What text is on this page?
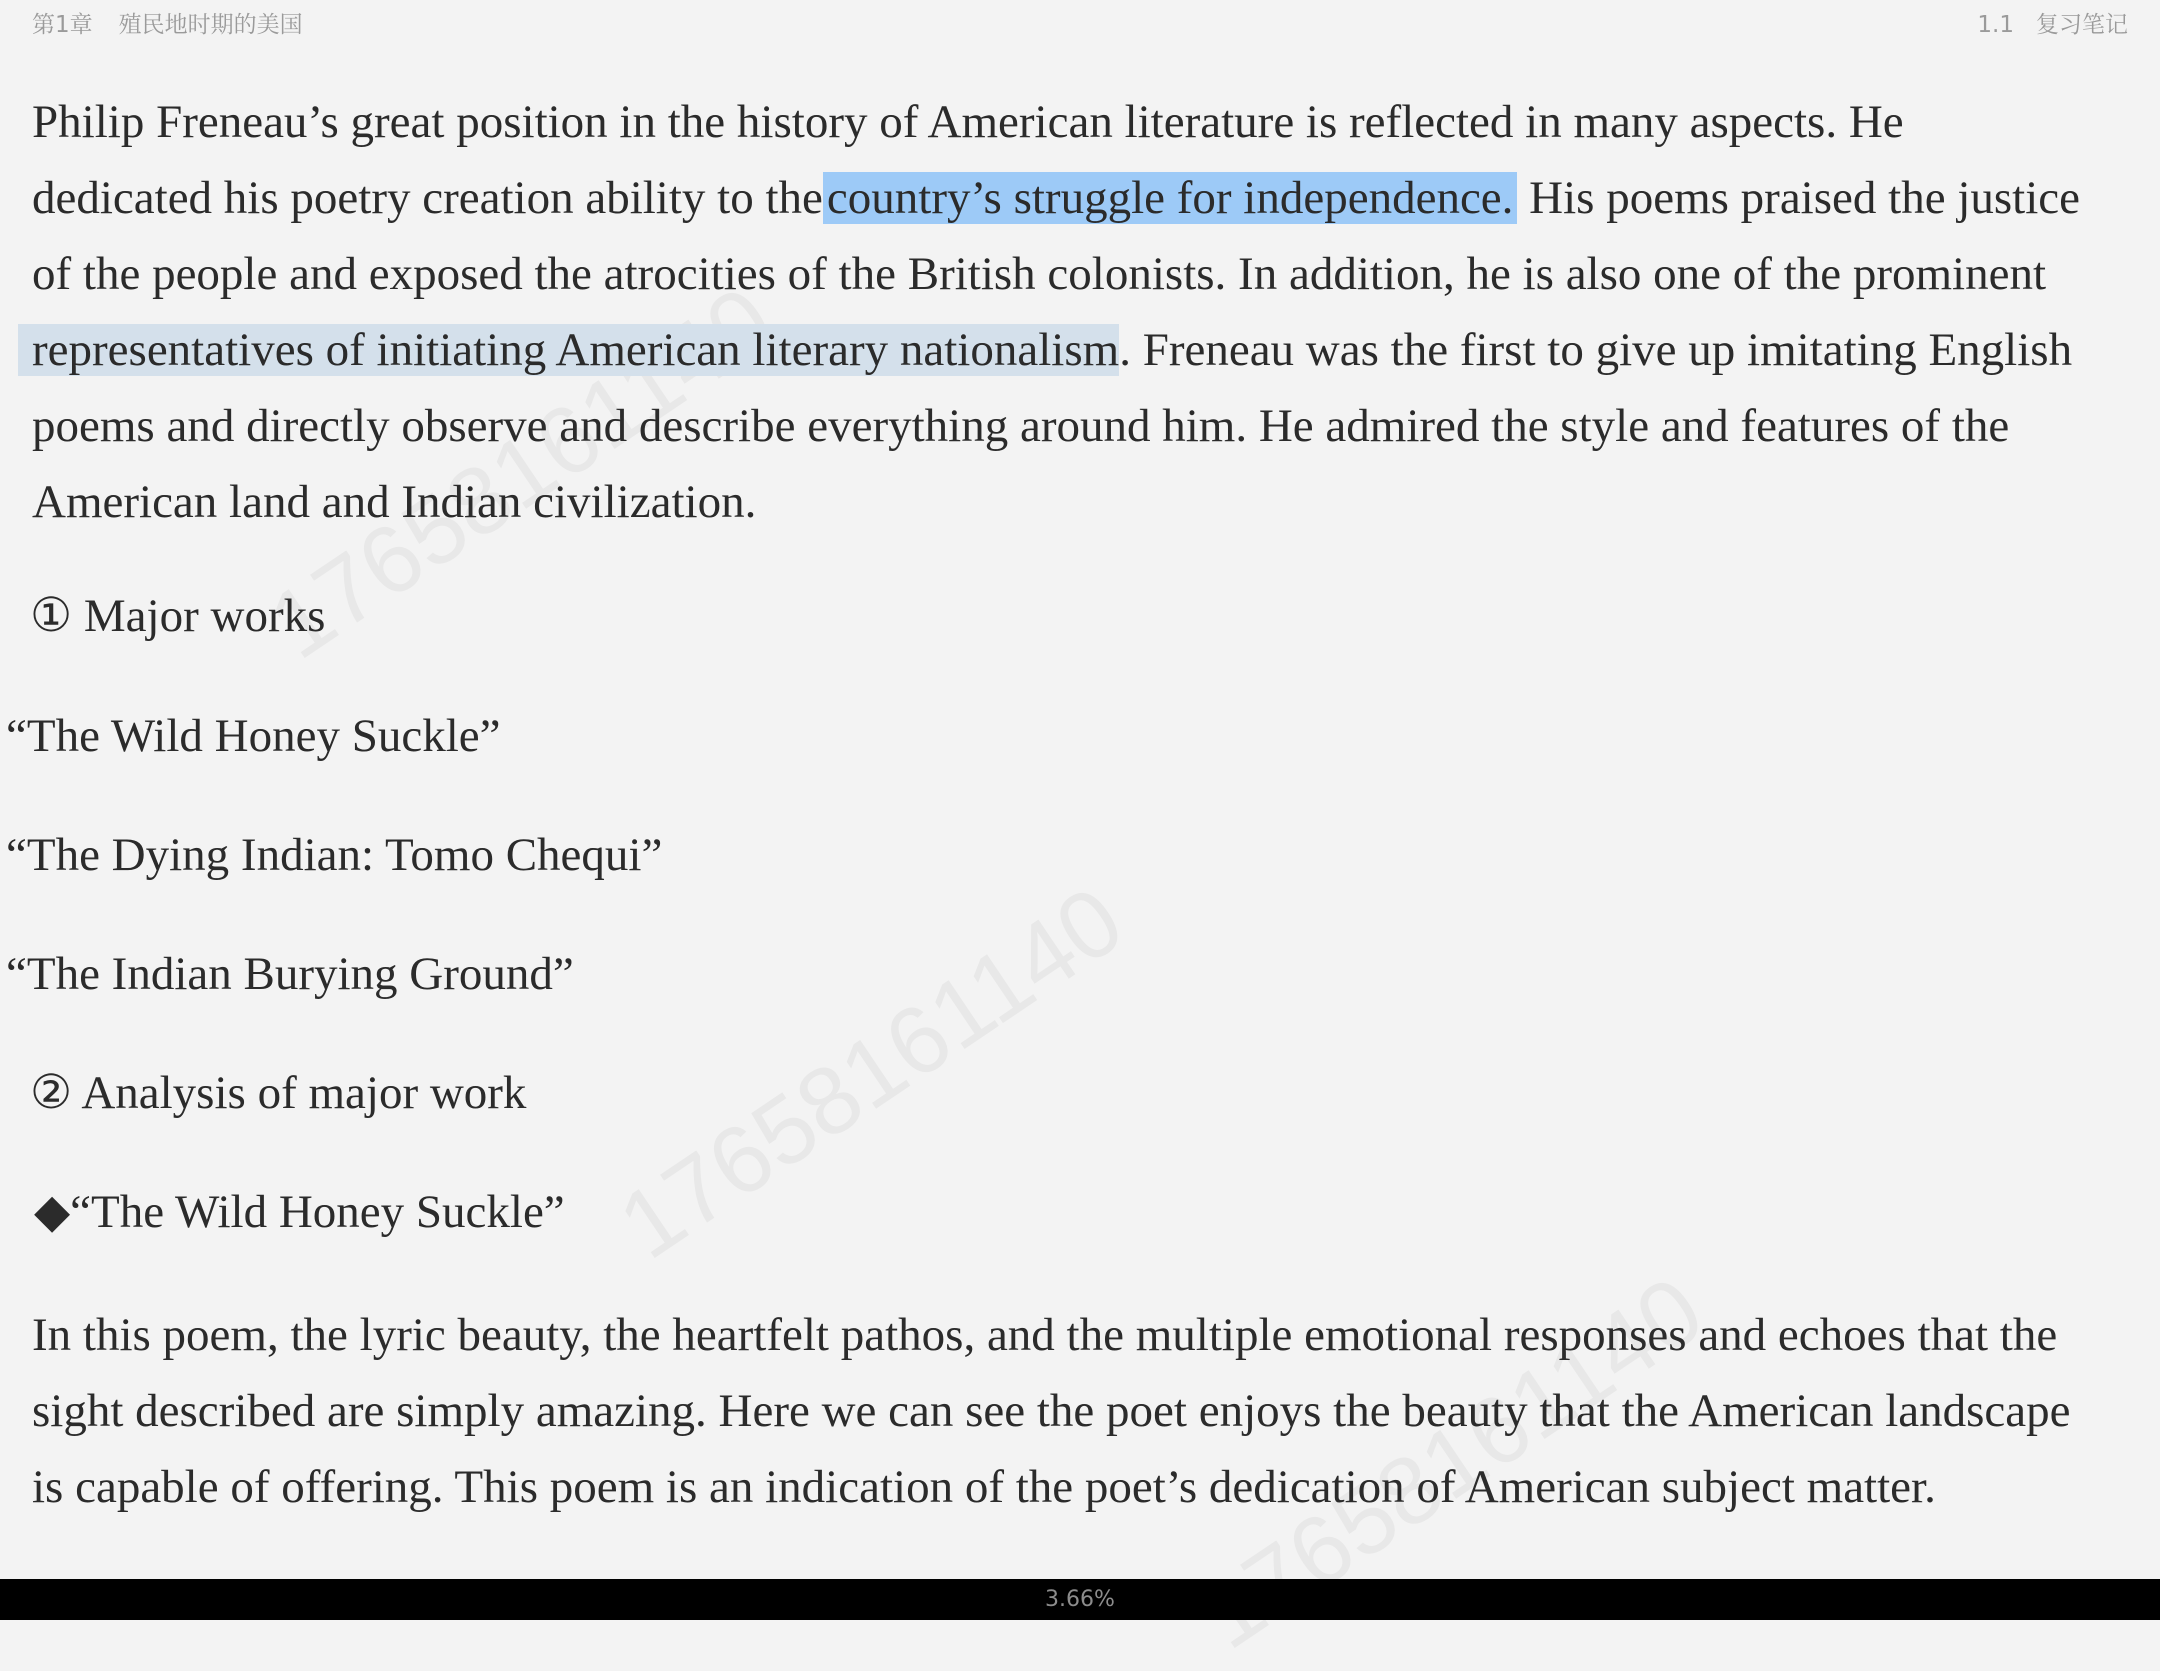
第1章 殖民地时期的美国	1.1 复习笔记
Philip Freneau’s great position in the history of American literature is reflected in many aspects. He
dedicated his poetry creation ability to thecountry’s struggle for independence. His poems praised the justice
of the people and exposed the atrocities of the British colonists. In addition, he is also one of the prominent
representatives of initiating American literary nationalism. Freneau was the first to give up imitating English
poems and directly observe and describe everything around him. He admired the style and features of the
American land and Indian civilization.
① Major works
“The Wild Honey Suckle”
“The Dying Indian: Tomo Chequi”
“The Indian Burying Ground”
② Analysis of major work
◆“The Wild Honey Suckle”
In this poem, the lyric beauty, the heartfelt pathos, and the multiple emotional responses and echoes that the
sight described are simply amazing. Here we can see the poet enjoys the beauty that the American landscape
is capable of offering. This poem is an indication of the poet’s dedication of American subject matter.
3.66%
